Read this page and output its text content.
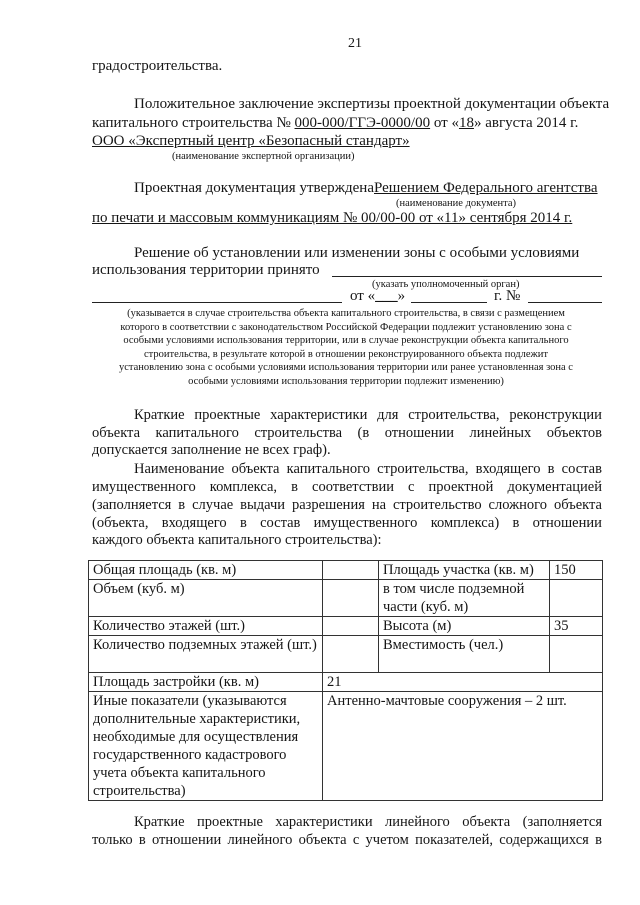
21
градостроительства.
Положительное заключение экспертизы проектной документации объекта
капитального строительства № 000-000/ГГЭ-0000/00 от «18» августа 2014 г.
ООО «Экспертный центр «Безопасный стандарт»
(наименование экспертной организации)
Проектная документация утвержденаРешением Федерального агентства
(наименование документа)
по печати и массовым коммуникациям № 00/00-00 от «11» сентября 2014 г.
Решение об установлении или изменении зоны с особыми условиями
использования территории принято
(указать уполномоченный орган)
от «___»	г. №
(указывается в случае строительства объекта капитального строительства, в связи с размещением
которого в соответствии с законодательством Российской Федерации подлежит установлению зона с
особыми условиями использования территории, или в случае реконструкции объекта капитального
строительства, в результате которой в отношении реконструированного объекта подлежит
установлению зона с особыми условиями использования территории или ранее установленная зона с
особыми условиями использования территории подлежит изменению)
Краткие проектные характеристики для строительства, реконструкции
объекта капитального строительства (в отношении линейных объектов
допускается заполнение не всех граф).
Наименование объекта капитального строительства, входящего в состав
имущественного комплекса, в соответствии с проектной документацией
(заполняется в случае выдачи разрешения на строительство сложного объекта
(объекта, входящего в состав имущественного комплекса) в отношении
каждого объекта капитального строительства):
Общая площадь (кв. м)		Площадь участка (кв. м)	150
Объем (куб. м)		в том числе подземной части (куб. м)	
Количество этажей (шт.)		Высота (м)	35
Количество подземных этажей (шт.)		Вместимость (чел.)	
Площадь застройки (кв. м)	21		
Иные показатели (указываются дополнительные характеристики, необходимые для осуществления государственного кадастрового учета объекта капитального строительства)	Антенно-мачтовые сооружения – 2 шт.		
Краткие проектные характеристики линейного объекта (заполняется
только в отношении линейного объекта с учетом показателей, содержащихся в
